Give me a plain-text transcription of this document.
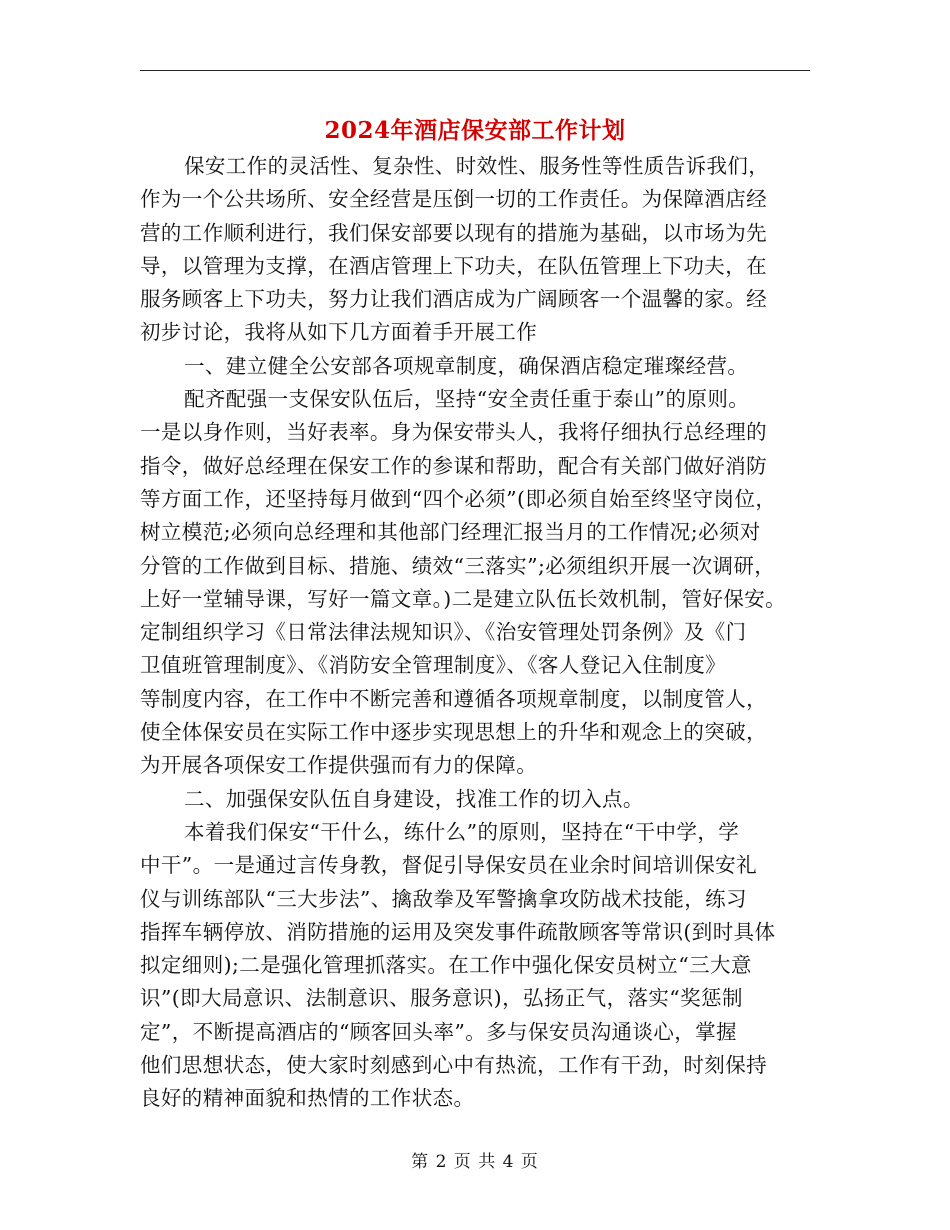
2024年酒店保安部工作计划
保安工作的灵活性、复杂性、时效性、服务性等性质告诉我们，
作为一个公共场所、安全经营是压倒一切的工作责任。为保障酒店经
营的工作顺利进行，我们保安部要以现有的措施为基础，以市场为先
导，以管理为支撑，在酒店管理上下功夫，在队伍管理上下功夫，在
服务顾客上下功夫，努力让我们酒店成为广阔顾客一个温馨的家。经
初步讨论，我将从如下几方面着手开展工作
一、建立健全公安部各项规章制度，确保酒店稳定璀璨经营。
配齐配强一支保安队伍后，坚持“安全责任重于泰山”的原则。
一是以身作则，当好表率。身为保安带头人，我将仔细执行总经理的
指令，做好总经理在保安工作的参谋和帮助，配合有关部门做好消防
等方面工作，还坚持每月做到“四个必须”(即必须自始至终坚守岗位，
树立模范;必须向总经理和其他部门经理汇报当月的工作情况;必须对
分管的工作做到目标、措施、绩效“三落实”;必须组织开展一次调研，
上好一堂辅导课，写好一篇文章。)二是建立队伍长效机制，管好保安。
定制组织学习《日常法律法规知识》、《治安管理处罚条例》及《门
卫值班管理制度》、《消防安全管理制度》、《客人登记入住制度》
等制度内容，在工作中不断完善和遵循各项规章制度，以制度管人，
使全体保安员在实际工作中逐步实现思想上的升华和观念上的突破，
为开展各项保安工作提供强而有力的保障。
二、加强保安队伍自身建设，找准工作的切入点。
本着我们保安“干什么，练什么”的原则，坚持在“干中学，学
中干”。一是通过言传身教，督促引导保安员在业余时间培训保安礼
仪与训练部队“三大步法”、擒敌拳及军警擒拿攻防战术技能，练习
指挥车辆停放、消防措施的运用及突发事件疏散顾客等常识(到时具体
拟定细则);二是强化管理抓落实。在工作中强化保安员树立“三大意
识”(即大局意识、法制意识、服务意识)，弘扬正气，落实“奖惩制
定”，不断提高酒店的“顾客回头率”。多与保安员沟通谈心，掌握
他们思想状态，使大家时刻感到心中有热流，工作有干劲，时刻保持
良好的精神面貌和热情的工作状态。
第 2 页 共 4 页
